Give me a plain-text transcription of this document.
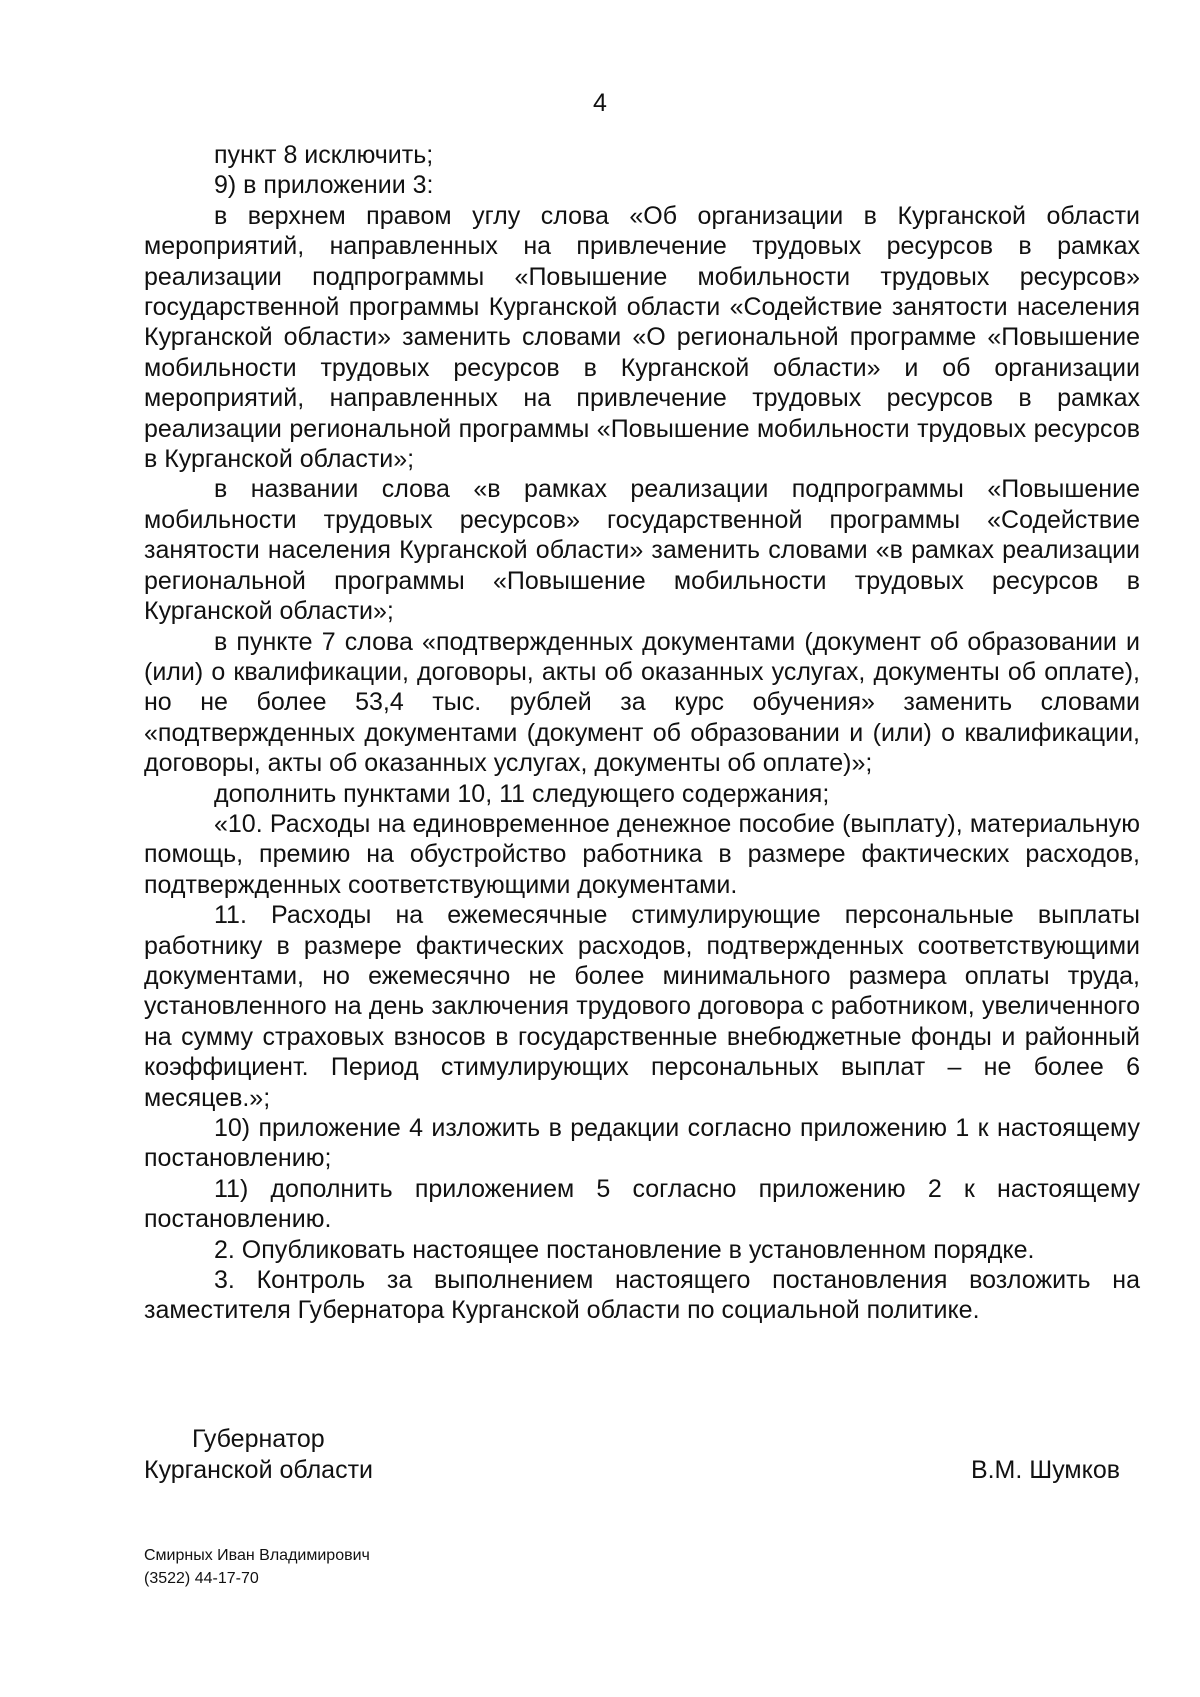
4

пункт 8 исключить;

9) в приложении 3:

в верхнем правом углу слова «Об организации в Курганской области мероприятий, направленных на привлечение трудовых ресурсов в рамках реализации подпрограммы «Повышение мобильности трудовых ресурсов» государственной программы Курганской области «Содействие занятости населения Курганской области» заменить словами «О региональной программе «Повышение мобильности трудовых ресурсов в Курганской области» и об организации мероприятий, направленных на привлечение трудовых ресурсов в рамках реализации региональной программы «Повышение мобильности трудовых ресурсов в Курганской области»;

в названии слова «в рамках реализации подпрограммы «Повышение мобильности трудовых ресурсов» государственной программы «Содействие занятости населения Курганской области» заменить словами «в рамках реализации региональной программы «Повышение мобильности трудовых ресурсов в Курганской области»;

в пункте 7 слова «подтвержденных документами (документ об образовании и (или) о квалификации, договоры, акты об оказанных услугах, документы об оплате), но не более 53,4 тыс. рублей за курс обучения» заменить словами «подтвержденных документами (документ об образовании и (или) о квалификации, договоры, акты об оказанных услугах, документы об оплате)»;

дополнить пунктами 10, 11 следующего содержания;

«10. Расходы на единовременное денежное пособие (выплату), материальную помощь, премию на обустройство работника в размере фактических расходов, подтвержденных соответствующими документами.

11. Расходы на ежемесячные стимулирующие персональные выплаты работнику в размере фактических расходов, подтвержденных соответствующими документами, но ежемесячно не более минимального размера оплаты труда, установленного на день заключения трудового договора с работником, увеличенного на сумму страховых взносов в государственные внебюджетные фонды и районный коэффициент. Период стимулирующих персональных выплат – не более 6 месяцев.»;

10) приложение 4 изложить в редакции согласно приложению 1 к настоящему постановлению;

11) дополнить приложением 5 согласно приложению 2 к настоящему постановлению.

2. Опубликовать настоящее постановление в установленном порядке.

3. Контроль за выполнением настоящего постановления возложить на заместителя Губернатора Курганской области по социальной политике.

Губернатор
Курганской области	В.М. Шумков
Смирных Иван Владимирович
(3522) 44-17-70
